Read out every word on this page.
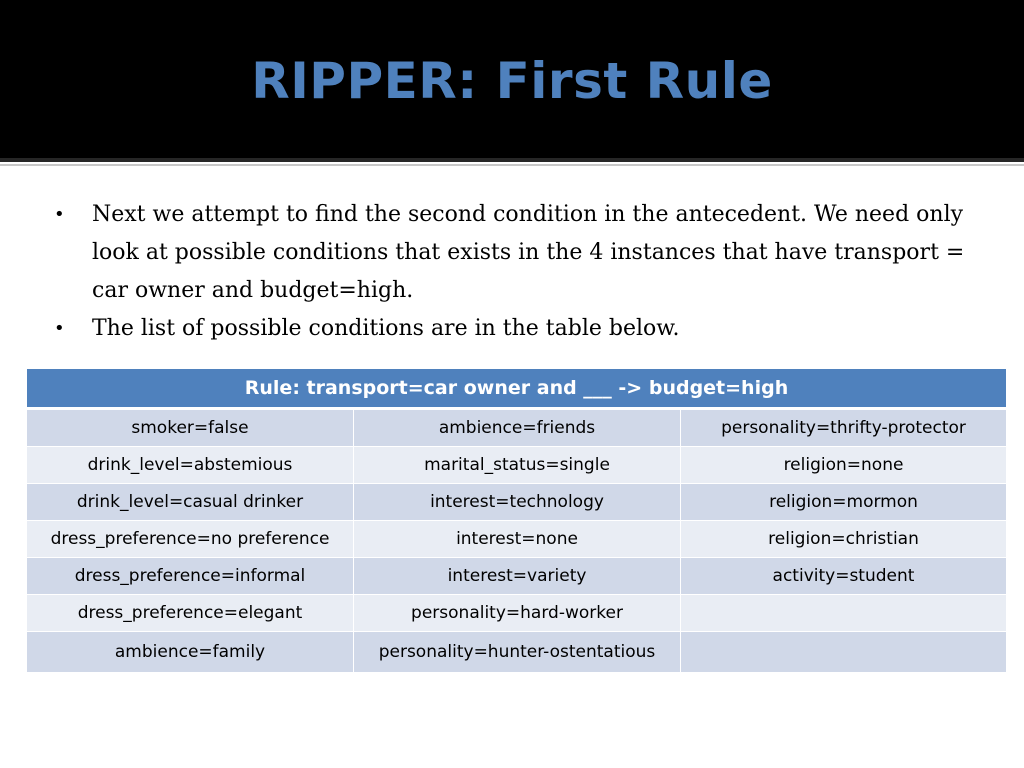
RIPPER: First Rule
•	Next we attempt to find the second condition in the antecedent. We need only look at possible conditions that exists in the 4 instances that have transport = car owner and budget=high.
•	The list of possible conditions are in the table below.
Rule: transport=car owner and ___ -> budget=high		
smoker=false	ambience=friends	personality=thrifty-protector
drink_level=abstemious	marital_status=single	religion=none
drink_level=casual drinker	interest=technology	religion=mormon
dress_preference=no preference	interest=none	religion=christian
dress_preference=informal	interest=variety	activity=student
dress_preference=elegant	personality=hard-worker	
ambience=family	personality=hunter-ostentatious	
